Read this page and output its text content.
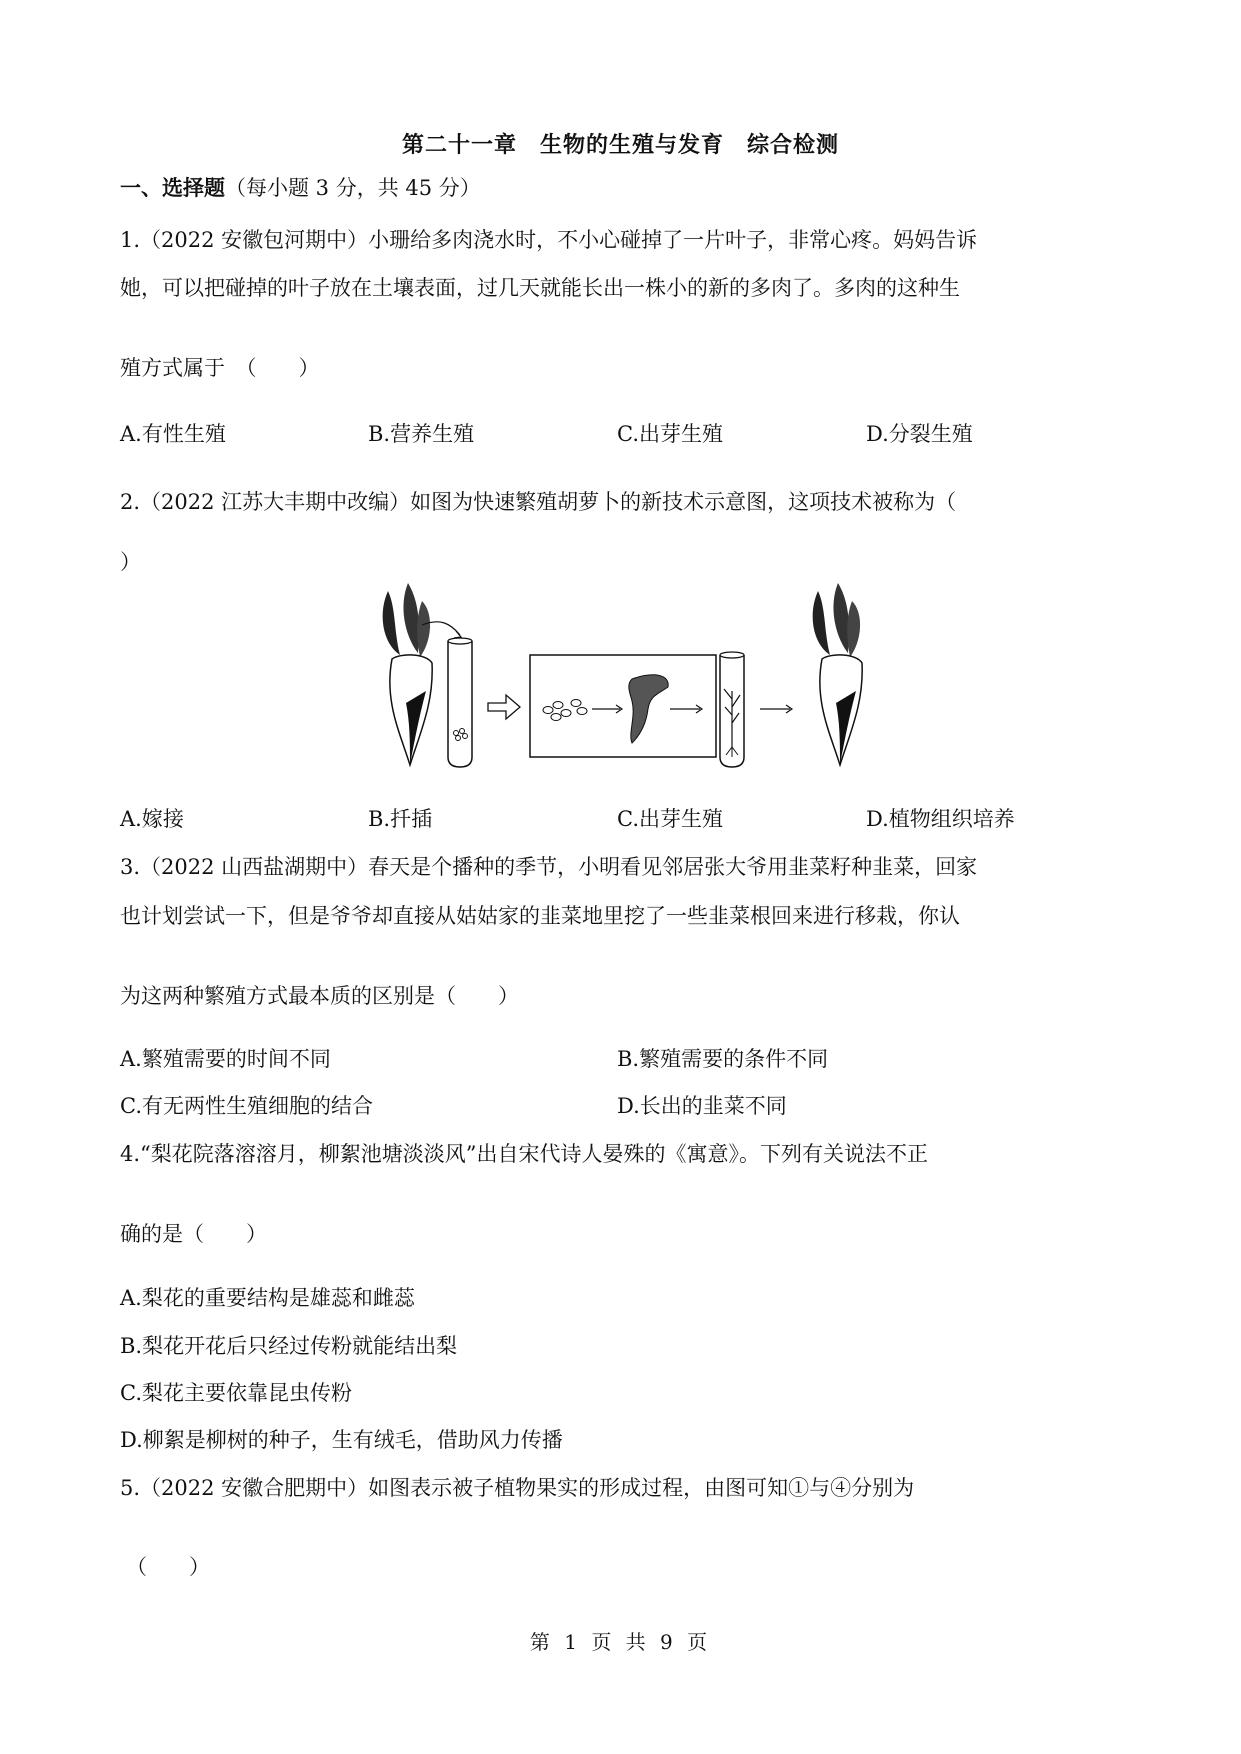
第二十一章　生物的生殖与发育　综合检测
一、选择题（每小题 3 分，共 45 分）
1.（2022 安徽包河期中）小珊给多肉浇水时，不小心碰掉了一片叶子，非常心疼。妈妈告诉
她，可以把碰掉的叶子放在土壤表面，过几天就能长出一株小的新的多肉了。多肉的这种生
殖方式属于　（　　）
A.有性生殖	B.营养生殖	C.出芽生殖	D.分裂生殖
2.（2022 江苏大丰期中改编）如图为快速繁殖胡萝卜的新技术示意图，这项技术被称为（
）
A.嫁接	B.扦插	C.出芽生殖	D.植物组织培养
3.（2022 山西盐湖期中）春天是个播种的季节，小明看见邻居张大爷用韭菜籽种韭菜，回家
也计划尝试一下，但是爷爷却直接从姑姑家的韭菜地里挖了一些韭菜根回来进行移栽，你认
为这两种繁殖方式最本质的区别是（　　）
A.繁殖需要的时间不同	B.繁殖需要的条件不同
C.有无两性生殖细胞的结合	D.长出的韭菜不同
4.“梨花院落溶溶月，柳絮池塘淡淡风”出自宋代诗人晏殊的《寓意》。下列有关说法不正
确的是（　　）
A.梨花的重要结构是雄蕊和雌蕊
B.梨花开花后只经过传粉就能结出梨
C.梨花主要依靠昆虫传粉
D.柳絮是柳树的种子，生有绒毛，借助风力传播
5.（2022 安徽合肥期中）如图表示被子植物果实的形成过程，由图可知①与④分别为
（　　）
第 1 页 共 9 页
